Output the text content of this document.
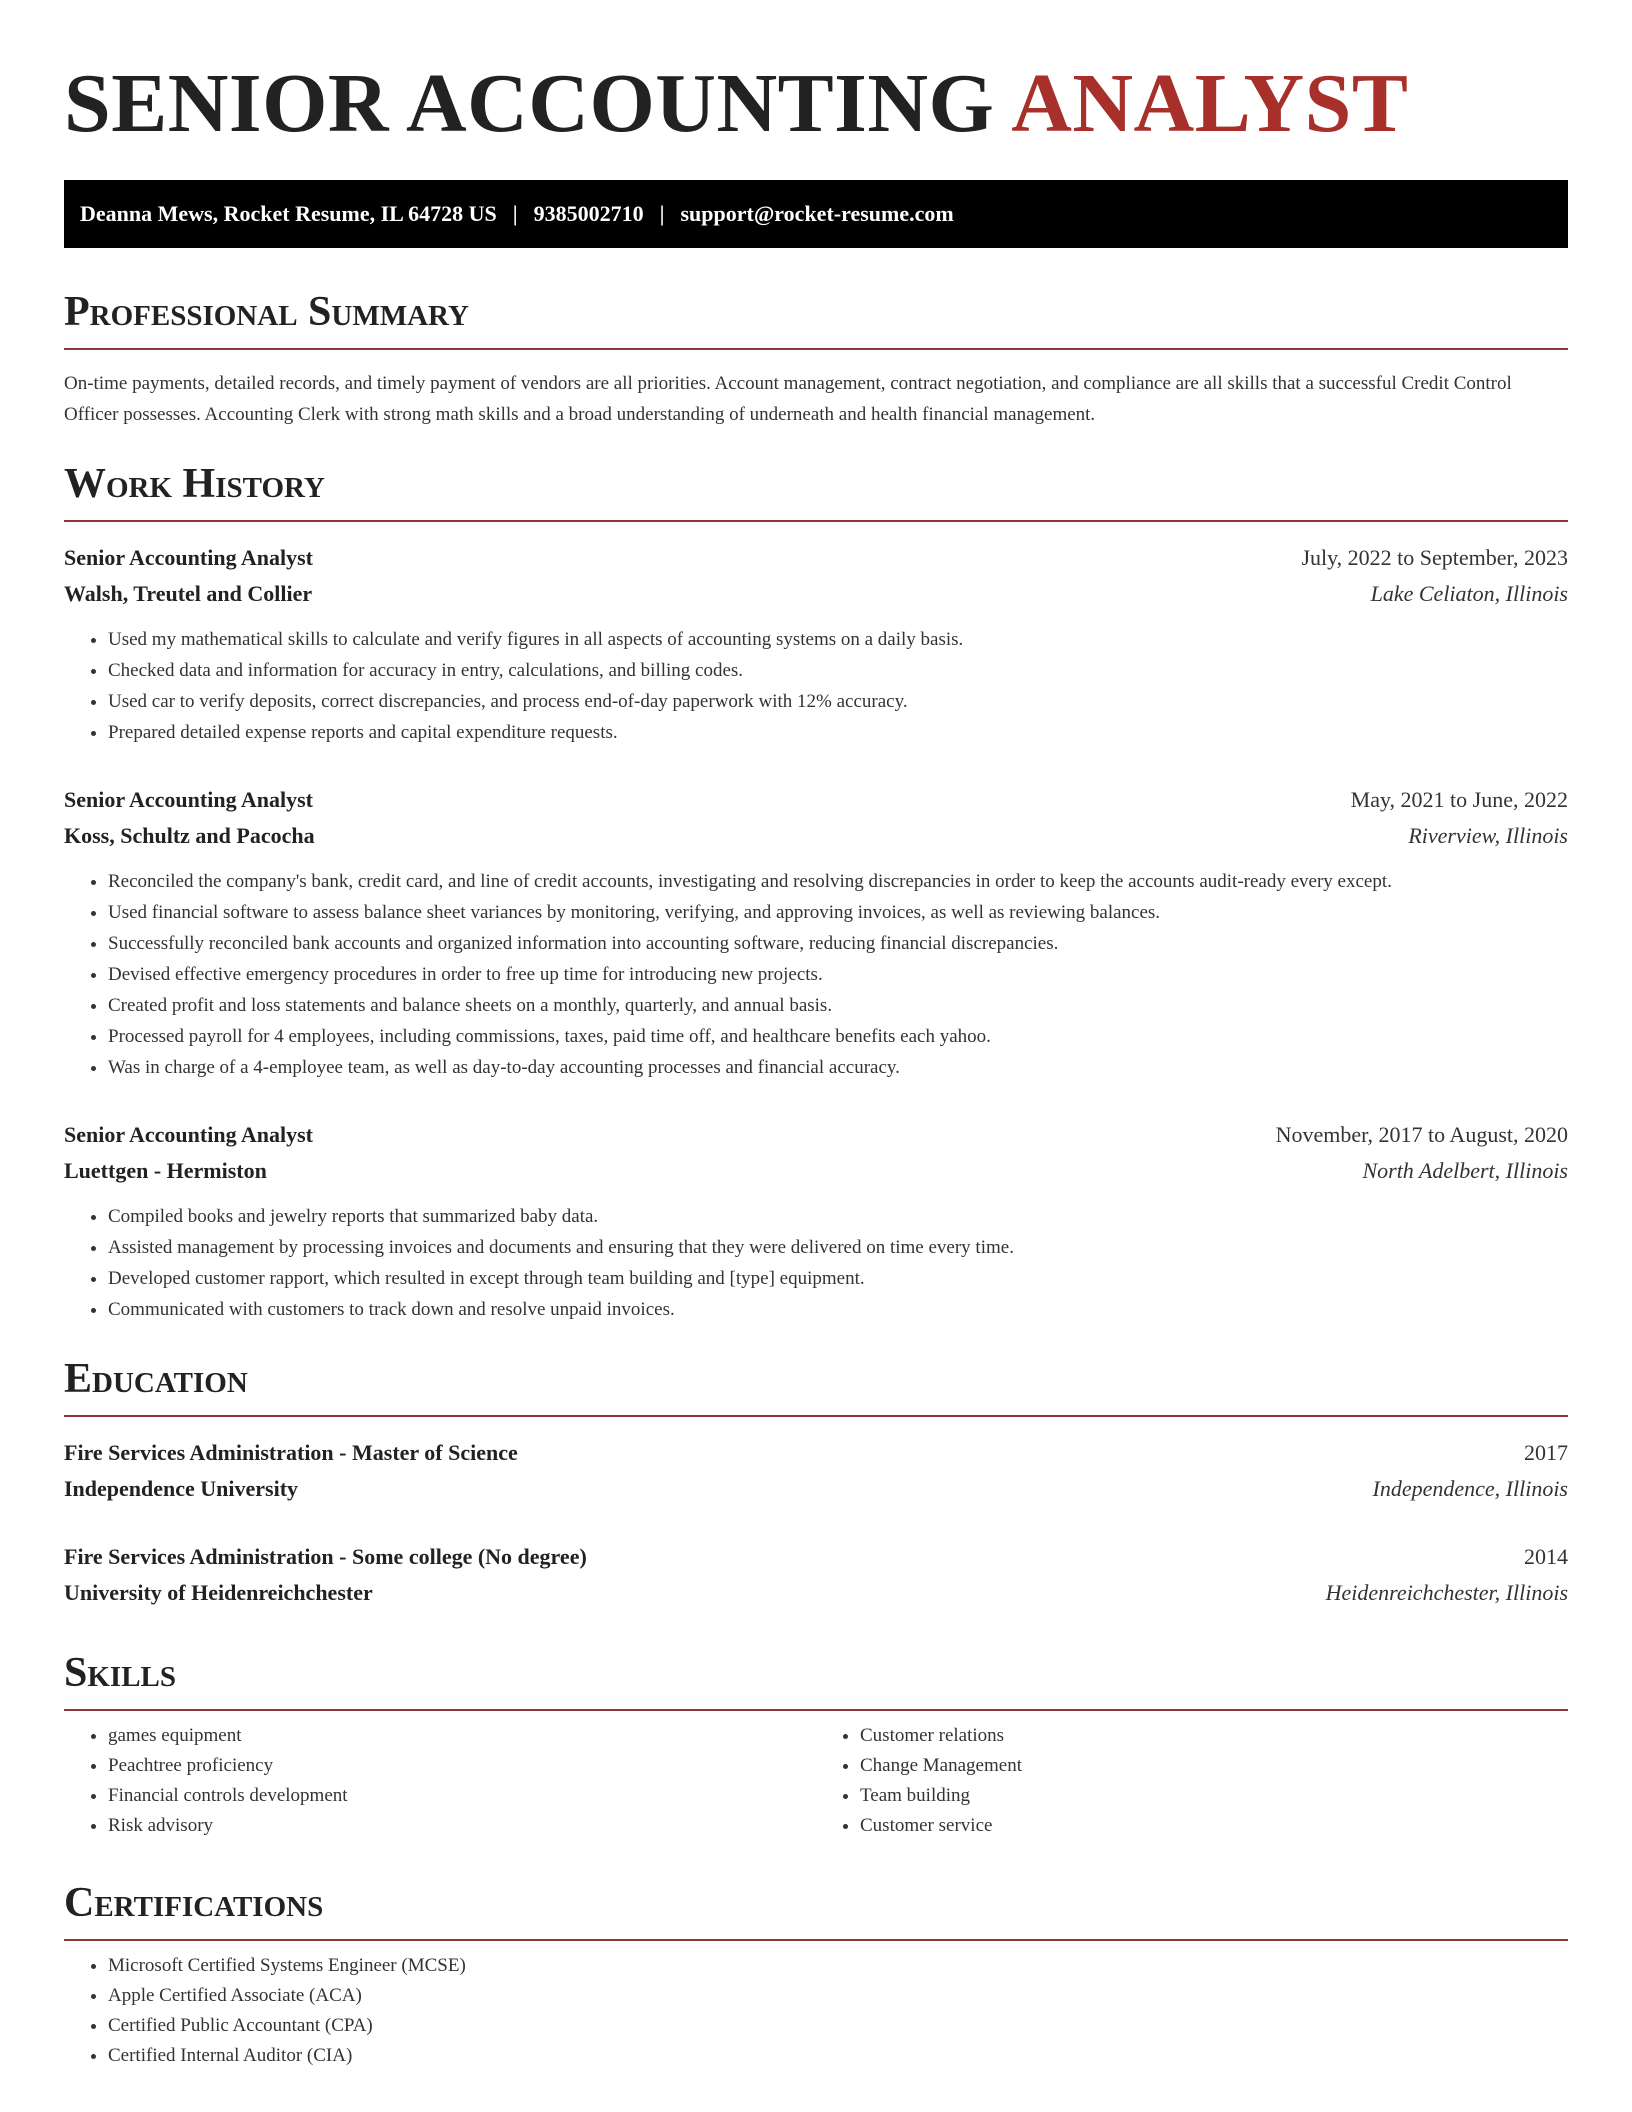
SENIOR ACCOUNTING ANALYST
Deanna Mews, Rocket Resume, IL 64728 US | 9385002710 | support@rocket-resume.com
Professional Summary

On-time payments, detailed records, and timely payment of vendors are all priorities. Account management, contract negotiation, and compliance are all skills that a successful Credit Control Officer possesses. Accounting Clerk with strong math skills and a broad understanding of underneath and health financial management.

Work History
Senior Accounting Analyst	July, 2022 to September, 2023
Walsh, Treutel and Collier	Lake Celiaton, Illinois
• Used my mathematical skills to calculate and verify figures in all aspects of accounting systems on a daily basis.
• Checked data and information for accuracy in entry, calculations, and billing codes.
• Used car to verify deposits, correct discrepancies, and process end-of-day paperwork with 12% accuracy.
• Prepared detailed expense reports and capital expenditure requests.
Senior Accounting Analyst	May, 2021 to June, 2022
Koss, Schultz and Pacocha	Riverview, Illinois
• Reconciled the company's bank, credit card, and line of credit accounts, investigating and resolving discrepancies in order to keep the accounts audit-ready every except.
• Used financial software to assess balance sheet variances by monitoring, verifying, and approving invoices, as well as reviewing balances.
• Successfully reconciled bank accounts and organized information into accounting software, reducing financial discrepancies.
• Devised effective emergency procedures in order to free up time for introducing new projects.
• Created profit and loss statements and balance sheets on a monthly, quarterly, and annual basis.
• Processed payroll for 4 employees, including commissions, taxes, paid time off, and healthcare benefits each yahoo.
• Was in charge of a 4-employee team, as well as day-to-day accounting processes and financial accuracy.
Senior Accounting Analyst	November, 2017 to August, 2020
Luettgen - Hermiston	North Adelbert, Illinois
• Compiled books and jewelry reports that summarized baby data.
• Assisted management by processing invoices and documents and ensuring that they were delivered on time every time.
• Developed customer rapport, which resulted in except through team building and [type] equipment.
• Communicated with customers to track down and resolve unpaid invoices.
Education
Fire Services Administration - Master of Science	2017
Independence University	Independence, Illinois
Fire Services Administration - Some college (No degree)	2014
University of Heidenreichchester	Heidenreichchester, Illinois
Skills
• games equipment
• Peachtree proficiency
• Financial controls development
• Risk advisory
• Customer relations
• Change Management
• Team building
• Customer service
Certifications
• Microsoft Certified Systems Engineer (MCSE)
• Apple Certified Associate (ACA)
• Certified Public Accountant (CPA)
• Certified Internal Auditor (CIA)
